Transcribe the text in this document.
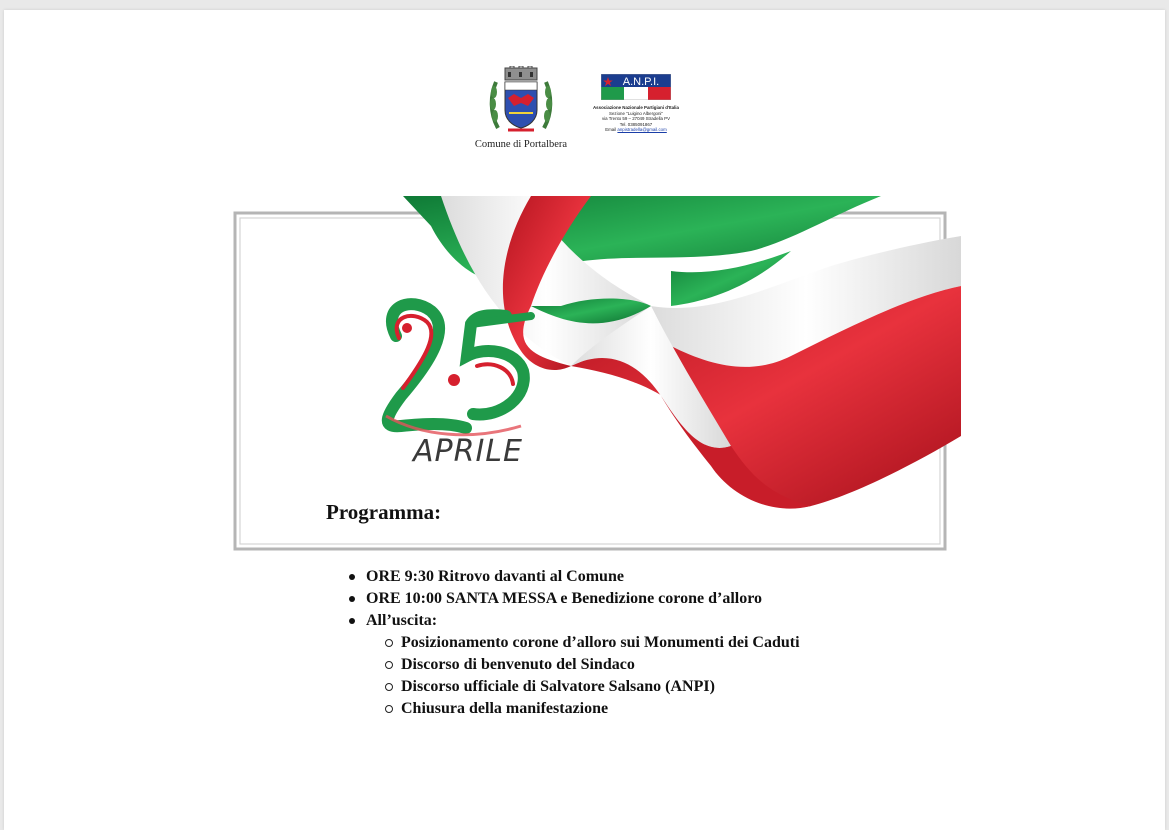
Comune di Portalbera
A.N.P.I.
Associazione Nazionale Partigiani d'Italia
Sezione "Luigino Albergoni"
via Trento 59 – 27049 Stradella PV
Tel. 0385091867
Email anpistradella@gmail.com
APRILE
Programma:
ORE 9:30 Ritrovo davanti al Comune
ORE 10:00 SANTA MESSA e Benedizione corone d’alloro
All’uscita:
Posizionamento corone d’alloro sui Monumenti dei Caduti
Discorso di benvenuto del Sindaco
Discorso ufficiale di Salvatore Salsano (ANPI)
Chiusura della manifestazione
